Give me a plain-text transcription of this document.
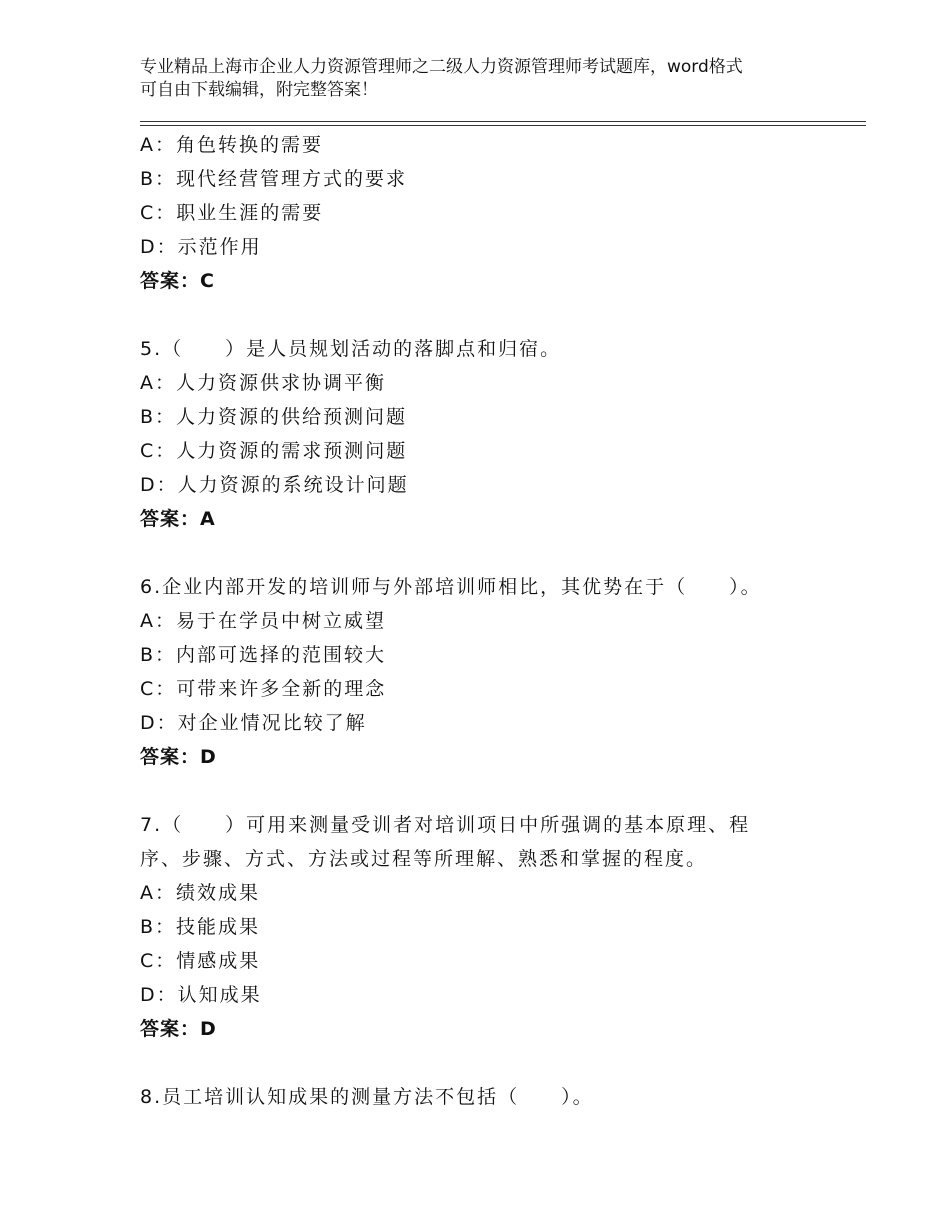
专业精品上海市企业人力资源管理师之二级人力资源管理师考试题库，word格式
可自由下载编辑，附完整答案！
A：角色转换的需要
B：现代经营管理方式的要求
C：职业生涯的需要
D：示范作用
答案：C
5.（　　）是人员规划活动的落脚点和归宿。
A：人力资源供求协调平衡
B：人力资源的供给预测问题
C：人力资源的需求预测问题
D：人力资源的系统设计问题
答案：A
6.企业内部开发的培训师与外部培训师相比，其优势在于（　　）。
A：易于在学员中树立威望
B：内部可选择的范围较大
C：可带来许多全新的理念
D：对企业情况比较了解
答案：D
7.（　　）可用来测量受训者对培训项日中所强调的基本原理、程
序、步骤、方式、方法或过程等所理解、熟悉和掌握的程度。
A：绩效成果
B：技能成果
C：情感成果
D：认知成果
答案：D
8.员工培训认知成果的测量方法不包括（　　）。
